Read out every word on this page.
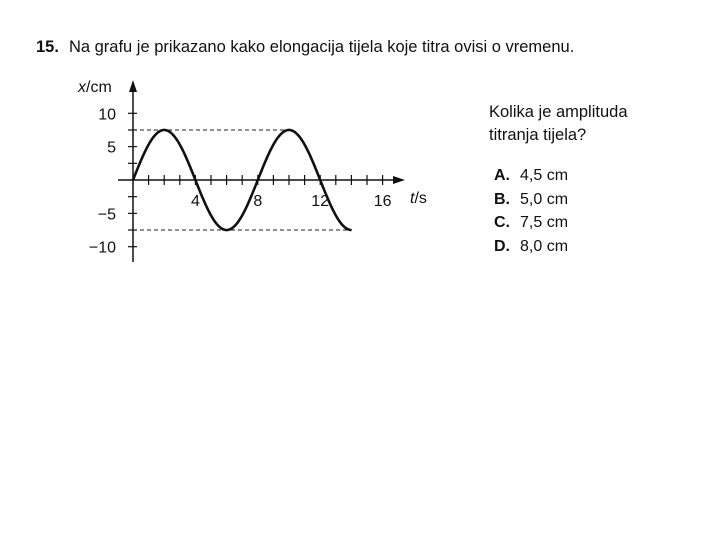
15. Na grafu je prikazano kako elongacija tijela koje titra ovisi o vremenu.
4	8	12	16
10
5
−5
−10
x/cm
t/s
Kolika je amplituda
titranja tijela?
A. 4,5 cm
B. 5,0 cm
C. 7,5 cm
D. 8,0 cm
